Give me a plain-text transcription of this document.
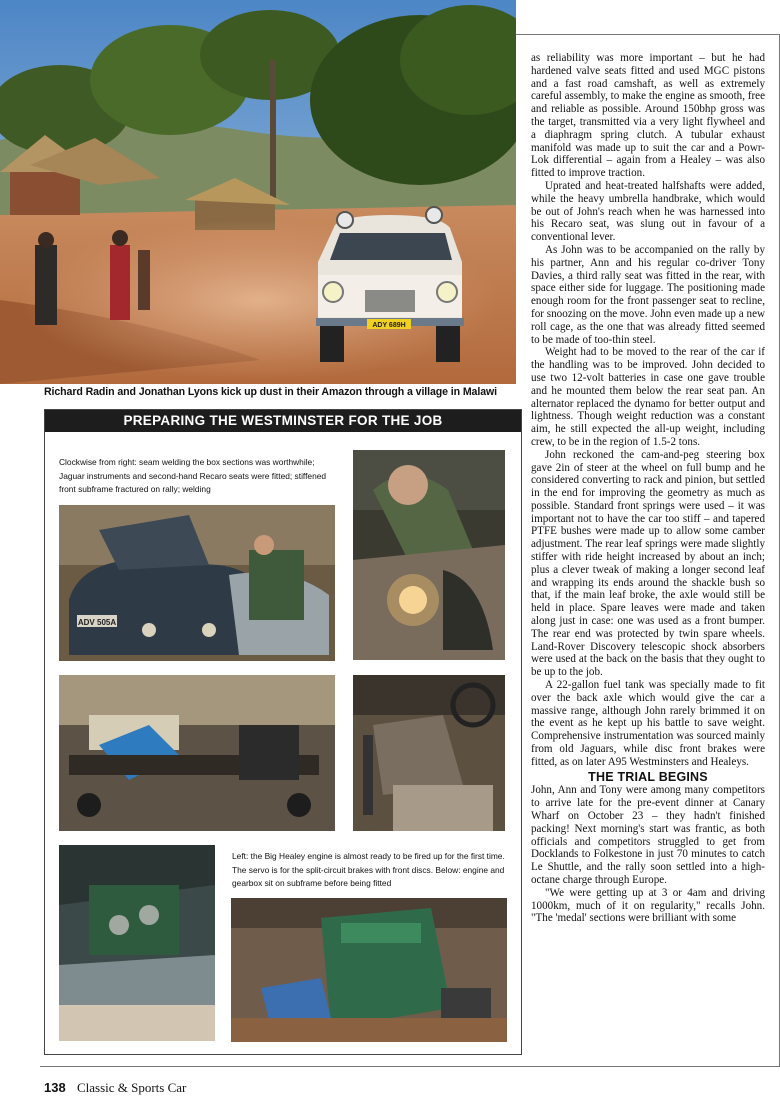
ADY 689H
Richard Radin and Jonathan Lyons kick up dust in their Amazon through a village in Malawi
PREPARING THE WESTMINSTER FOR THE JOB
Clockwise from right: seam welding the box sections was worthwhile; Jaguar instruments and second-hand Recaro seats were fitted; stiffened front subframe fractured on rally; welding
ADV 505A
Left: the Big Healey engine is almost ready to be fired up for the first time. The servo is for the split-circuit brakes with front discs. Below: engine and gearbox sit on subframe before being fitted

as reliability was more important – but he had hardened valve seats fitted and used MGC pistons and a fast road camshaft, as well as extremely careful assembly, to make the engine as smooth, free and reliable as possible. Around 150bhp gross was the target, transmitted via a very light flywheel and a diaphragm spring clutch. A tubular exhaust manifold was made up to suit the car and a Powr-Lok differential – again from a Healey – was also fitted to improve traction.

Uprated and heat-treated halfshafts were added, while the heavy umbrella handbrake, which would be out of John's reach when he was harnessed into his Recaro seat, was slung out in favour of a conventional lever.

As John was to be accompanied on the rally by his partner, Ann and his regular co-driver Tony Davies, a third rally seat was fitted in the rear, with space either side for luggage. The positioning made enough room for the front passenger seat to recline, for snoozing on the move. John even made up a new roll cage, as the one that was already fitted seemed to be made of too-thin steel.

Weight had to be moved to the rear of the car if the handling was to be improved. John decided to use two 12-volt batteries in case one gave trouble and he mounted them below the rear seat pan. An alternator replaced the dynamo for better output and lightness. Though weight reduction was a constant aim, he still expected the all-up weight, including crew, to be in the region of 1.5-2 tons.

John reckoned the cam-and-peg steering box gave 2in of steer at the wheel on full bump and he considered converting to rack and pinion, but settled in the end for improving the geometry as much as possible. Standard front springs were used – it was important not to have the car too stiff – and tapered PTFE bushes were made up to allow some camber adjustment. The rear leaf springs were made slightly stiffer with ride height increased by about an inch; plus a clever tweak of making a longer second leaf and wrapping its ends around the shackle bush so that, if the main leaf broke, the axle would still be held in place. Spare leaves were made and taken along just in case: one was used as a front bumper. The rear end was protected by twin spare wheels. Land-Rover Discovery telescopic shock absorbers were used at the back on the basis that they ought to be up to the job.

A 22-gallon fuel tank was specially made to fit over the back axle which would give the car a massive range, although John rarely brimmed it on the event as he kept up his battle to save weight. Comprehensive instrumentation was sourced mainly from old Jaguars, while disc front brakes were fitted, as on later A95 Westminsters and Healeys.

THE TRIAL BEGINS

John, Ann and Tony were among many competitors to arrive late for the pre-event dinner at Canary Wharf on October 23 – they hadn't finished packing! Next morning's start was frantic, as both officials and competitors struggled to get from Docklands to Folkestone in just 70 minutes to catch Le Shuttle, and the rally soon settled into a high-octane charge through Europe.

"We were getting up at 3 or 4am and driving 1000km, much of it on regularity," recalls John. "The 'medal' sections were brilliant with some

138 Classic & Sports Car
